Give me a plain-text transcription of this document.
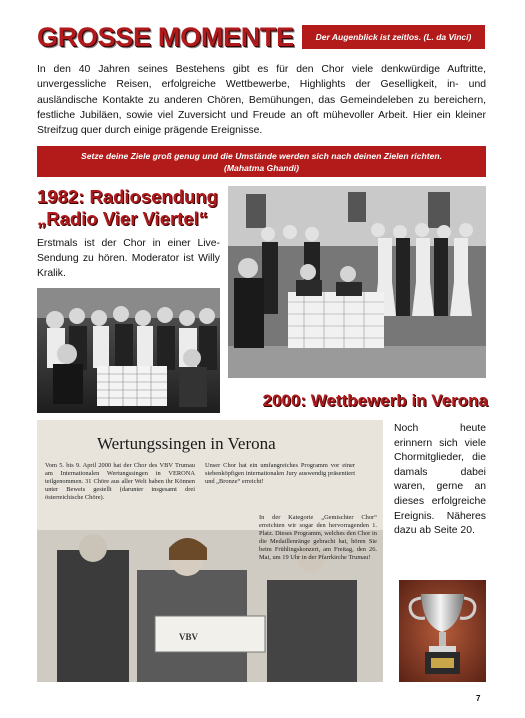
GROSSE MOMENTE	Der Augenblick ist zeitlos. (L. da Vinci)

In den 40 Jahren seines Bestehens gibt es für den Chor viele denkwürdige Auftritte, unvergessliche Reisen, erfolgreiche Wettbewerbe, Highlights der Geselligkeit, in- und ausländische Kontakte zu anderen Chören, Bemühungen, das Gemeindeleben zu bereichern, festliche Jubiläen, sowie viel Zuversicht und Freude an oft mühevoller Arbeit. Hier ein kleiner Streifzug quer durch einige prägende Ereignisse.

Setze deine Ziele groß genug und die Umstände werden sich nach deinen Zielen richten.
(Mahatma Ghandi)
1982: Radiosendung
„Radio Vier Viertel“

Erstmals ist der Chor in einer Live-Sendung zu hören. Moderator ist Willy Kralik.

2000: Wettbewerb in Verona
Wertungssingen in Verona
Vom 5. bis 9. April 2000 hat der Chor des VBV Trumau am Internationalen Wertungssingen in VERONA teilgenommen. 31 Chöre aus aller Welt haben ihr Können unter Beweis gestellt (darunter insgesamt drei österreichische Chöre).
Unser Chor hat ein umfangreiches Programm vor einer siebenköpfigen internationalen Jury auswendig präsentiert und „Bronze“ erreicht!
In der Kategorie „Gemischter Chor“ erreichten wir sogar den hervorragenden 1. Platz. Dieses Programm, welches den Chor in die Medaillenränge gebracht hat, hören Sie beim Frühlingskonzert, am Freitag, den 26. Mai, um 19 Uhr in der Pfarrkirche Trumau!
VBV

Noch heute erinnern sich viele Chormitglieder, die damals dabei waren, gerne an dieses erfolgreiche Ereignis. Näheres dazu ab Seite 20.

7
